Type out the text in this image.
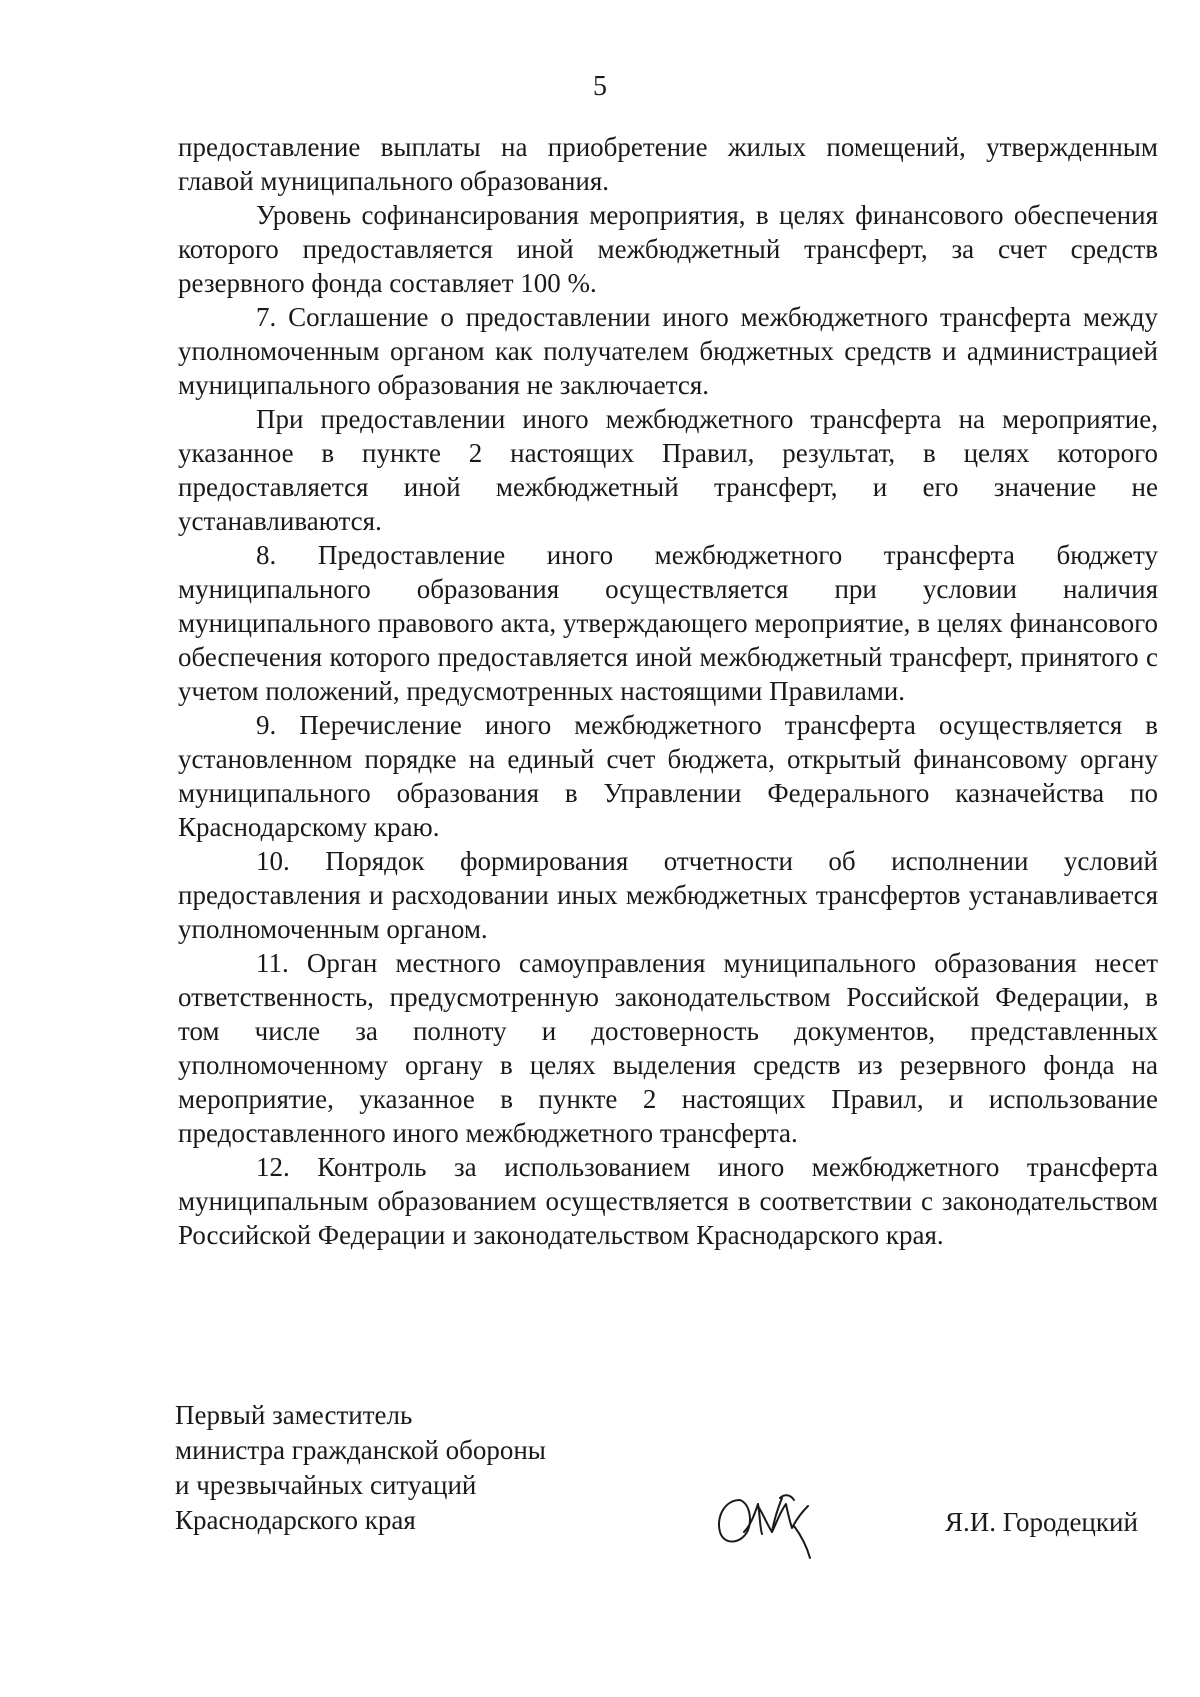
5

предоставление выплаты на приобретение жилых помещений, утвержденным главой муниципального образования.

Уровень софинансирования мероприятия, в целях финансового обеспечения которого предоставляется иной межбюджетный трансферт, за счет средств резервного фонда составляет 100 %.

7. Соглашение о предоставлении иного межбюджетного трансферта между уполномоченным органом как получателем бюджетных средств и администрацией муниципального образования не заключается.

При предоставлении иного межбюджетного трансферта на мероприятие, указанное в пункте 2 настоящих Правил, результат, в целях которого предоставляется иной межбюджетный трансферт, и его значение не устанавливаются.

8. Предоставление иного межбюджетного трансферта бюджету муниципального образования осуществляется при условии наличия муниципального правового акта, утверждающего мероприятие, в целях финансового обеспечения которого предоставляется иной межбюджетный трансферт, принятого с учетом положений, предусмотренных настоящими Правилами.

9. Перечисление иного межбюджетного трансферта осуществляется в установленном порядке на единый счет бюджета, открытый финансовому органу муниципального образования в Управлении Федерального казначейства по Краснодарскому краю.

10. Порядок формирования отчетности об исполнении условий предоставления и расходовании иных межбюджетных трансфертов устанавливается уполномоченным органом.

11. Орган местного самоуправления муниципального образования несет ответственность, предусмотренную законодательством Российской Федерации, в том числе за полноту и достоверность документов, представленных уполномоченному органу в целях выделения средств из резервного фонда на мероприятие, указанное в пункте 2 настоящих Правил, и использование предоставленного иного межбюджетного трансферта.

12. Контроль за использованием иного межбюджетного трансферта муниципальным образованием осуществляется в соответствии с законодательством Российской Федерации и законодательством Краснодарского края.

Первый заместитель
министра гражданской обороны
и чрезвычайных ситуаций
Краснодарского края	Я.И. Городецкий
